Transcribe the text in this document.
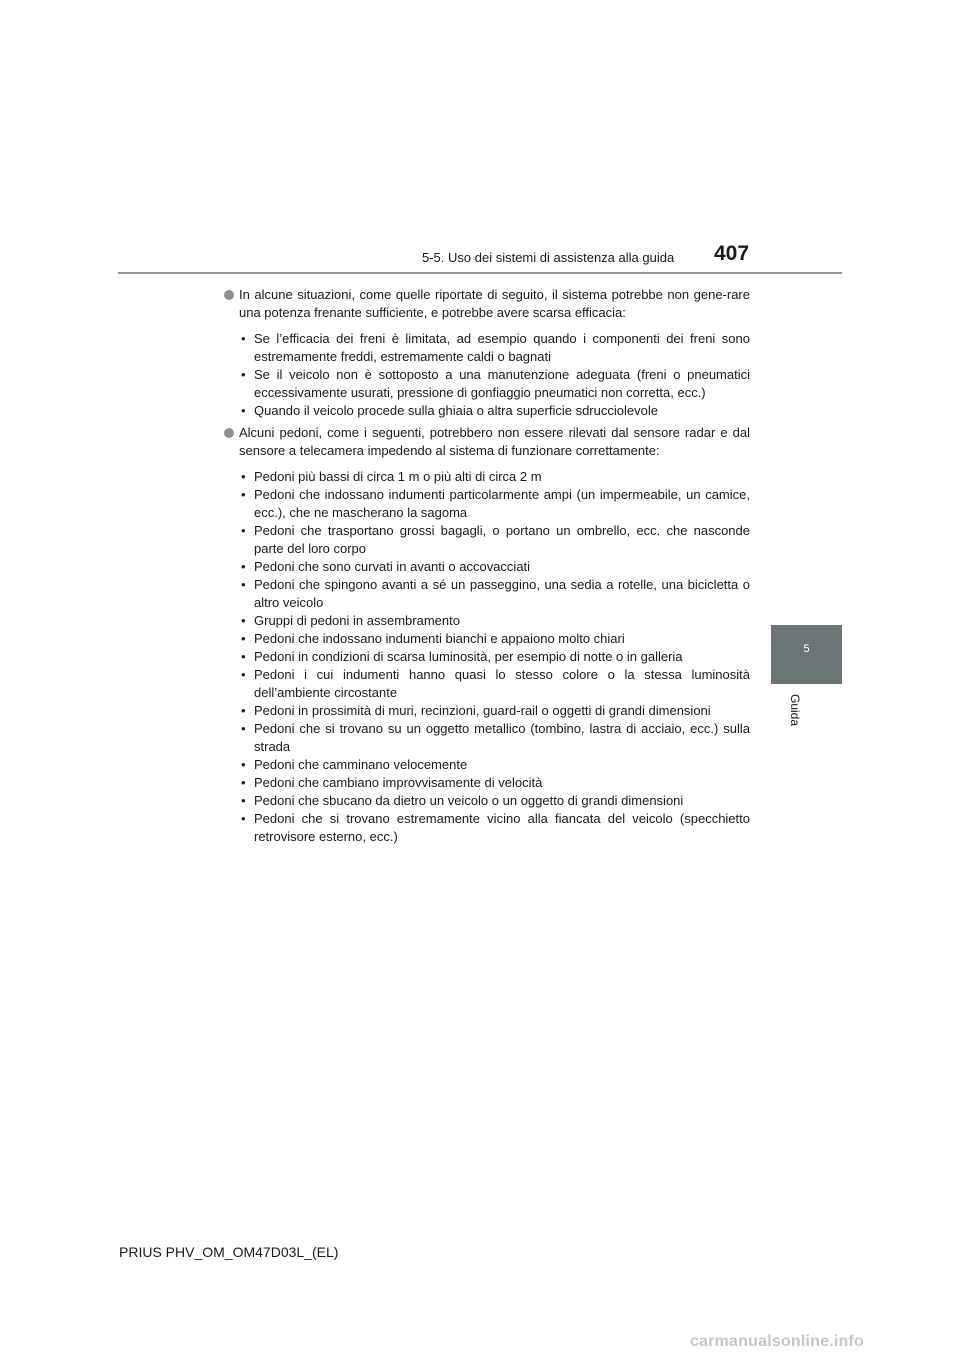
5-5. Uso dei sistemi di assistenza alla guida 407
5
Guida
In alcune situazioni, come quelle riportate di seguito, il sistema potrebbe non gene-rare una potenza frenante sufficiente, e potrebbe avere scarsa efficacia:
• Se l’efficacia dei freni è limitata, ad esempio quando i componenti dei freni sono estremamente freddi, estremamente caldi o bagnati
• Se il veicolo non è sottoposto a una manutenzione adeguata (freni o pneumatici eccessivamente usurati, pressione di gonfiaggio pneumatici non corretta, ecc.)
• Quando il veicolo procede sulla ghiaia o altra superficie sdrucciolevole
Alcuni pedoni, come i seguenti, potrebbero non essere rilevati dal sensore radar e dal sensore a telecamera impedendo al sistema di funzionare correttamente:
• Pedoni più bassi di circa 1 m o più alti di circa 2 m
• Pedoni che indossano indumenti particolarmente ampi (un impermeabile, un camice, ecc.), che ne mascherano la sagoma
• Pedoni che trasportano grossi bagagli, o portano un ombrello, ecc. che nasconde parte del loro corpo
• Pedoni che sono curvati in avanti o accovacciati
• Pedoni che spingono avanti a sé un passeggino, una sedia a rotelle, una bicicletta o altro veicolo
• Gruppi di pedoni in assembramento
• Pedoni che indossano indumenti bianchi e appaiono molto chiari
• Pedoni in condizioni di scarsa luminosità, per esempio di notte o in galleria
• Pedoni i cui indumenti hanno quasi lo stesso colore o la stessa luminosità dell’ambiente circostante
• Pedoni in prossimità di muri, recinzioni, guard-rail o oggetti di grandi dimensioni
• Pedoni che si trovano su un oggetto metallico (tombino, lastra di acciaio, ecc.) sulla strada
• Pedoni che camminano velocemente
• Pedoni che cambiano improvvisamente di velocità
• Pedoni che sbucano da dietro un veicolo o un oggetto di grandi dimensioni
• Pedoni che si trovano estremamente vicino alla fiancata del veicolo (specchietto retrovisore esterno, ecc.)
PRIUS PHV_OM_OM47D03L_(EL)
carmanualsonline.info
